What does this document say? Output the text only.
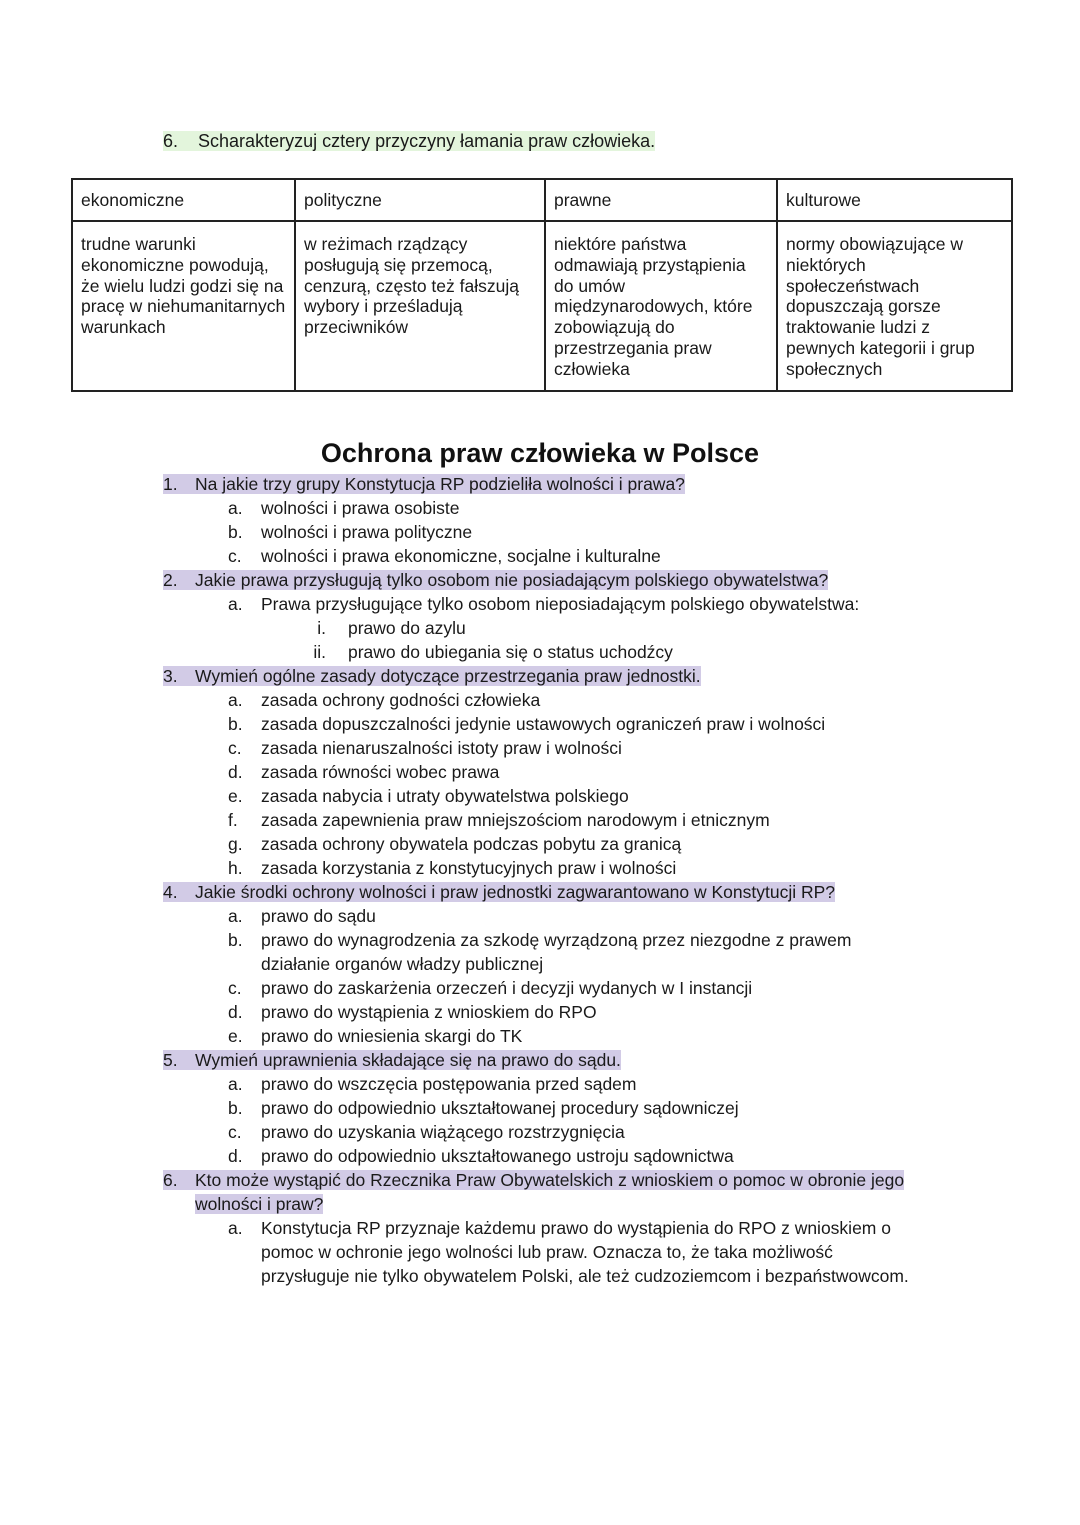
6. Scharakteryzuj cztery przyczyny łamania praw człowieka.
ekonomiczne	polityczne	prawne	kulturowe
trudne warunki ekonomiczne powodują, że wielu ludzi godzi się na pracę w niehumanitarnych warunkach	w reżimach rządzący posługują się przemocą, cenzurą, często też fałszują wybory i prześladują przeciwników	niektóre państwa odmawiają przystąpienia do umów międzynarodowych, które zobowiązują do przestrzegania praw człowieka	normy obowiązujące w niektórych społeczeństwach dopuszczają gorsze traktowanie ludzi z pewnych kategorii i grup społecznych
Ochrona praw człowieka w Polsce
1. Na jakie trzy grupy Konstytucja RP podzieliła wolności i prawa?
a. wolności i prawa osobiste
b. wolności i prawa polityczne
c. wolności i prawa ekonomiczne, socjalne i kulturalne
2. Jakie prawa przysługują tylko osobom nie posiadającym polskiego obywatelstwa?
a. Prawa przysługujące tylko osobom nieposiadającym polskiego obywatelstwa:
i. prawo do azylu
ii. prawo do ubiegania się o status uchodźcy
3. Wymień ogólne zasady dotyczące przestrzegania praw jednostki.
a. zasada ochrony godności człowieka
b. zasada dopuszczalności jedynie ustawowych ograniczeń praw i wolności
c. zasada nienaruszalności istoty praw i wolności
d. zasada równości wobec prawa
e. zasada nabycia i utraty obywatelstwa polskiego
f. zasada zapewnienia praw mniejszościom narodowym i etnicznym
g. zasada ochrony obywatela podczas pobytu za granicą
h. zasada korzystania z konstytucyjnych praw i wolności
4. Jakie środki ochrony wolności i praw jednostki zagwarantowano w Konstytucji RP?
a. prawo do sądu
b. prawo do wynagrodzenia za szkodę wyrządzoną przez niezgodne z prawem
działanie organów władzy publicznej
c. prawo do zaskarżenia orzeczeń i decyzji wydanych w I instancji
d. prawo do wystąpienia z wnioskiem do RPO
e. prawo do wniesienia skargi do TK
5. Wymień uprawnienia składające się na prawo do sądu.
a. prawo do wszczęcia postępowania przed sądem
b. prawo do odpowiednio ukształtowanej procedury sądowniczej
c. prawo do uzyskania wiążącego rozstrzygnięcia
d. prawo do odpowiednio ukształtowanego ustroju sądownictwa
6. Kto może wystąpić do Rzecznika Praw Obywatelskich z wnioskiem o pomoc w obronie jego
wolności i praw?
a. Konstytucja RP przyznaje każdemu prawo do wystąpienia do RPO z wnioskiem o
pomoc w ochronie jego wolności lub praw. Oznacza to, że taka możliwość
przysługuje nie tylko obywatelem Polski, ale też cudzoziemcom i bezpaństwowcom.
